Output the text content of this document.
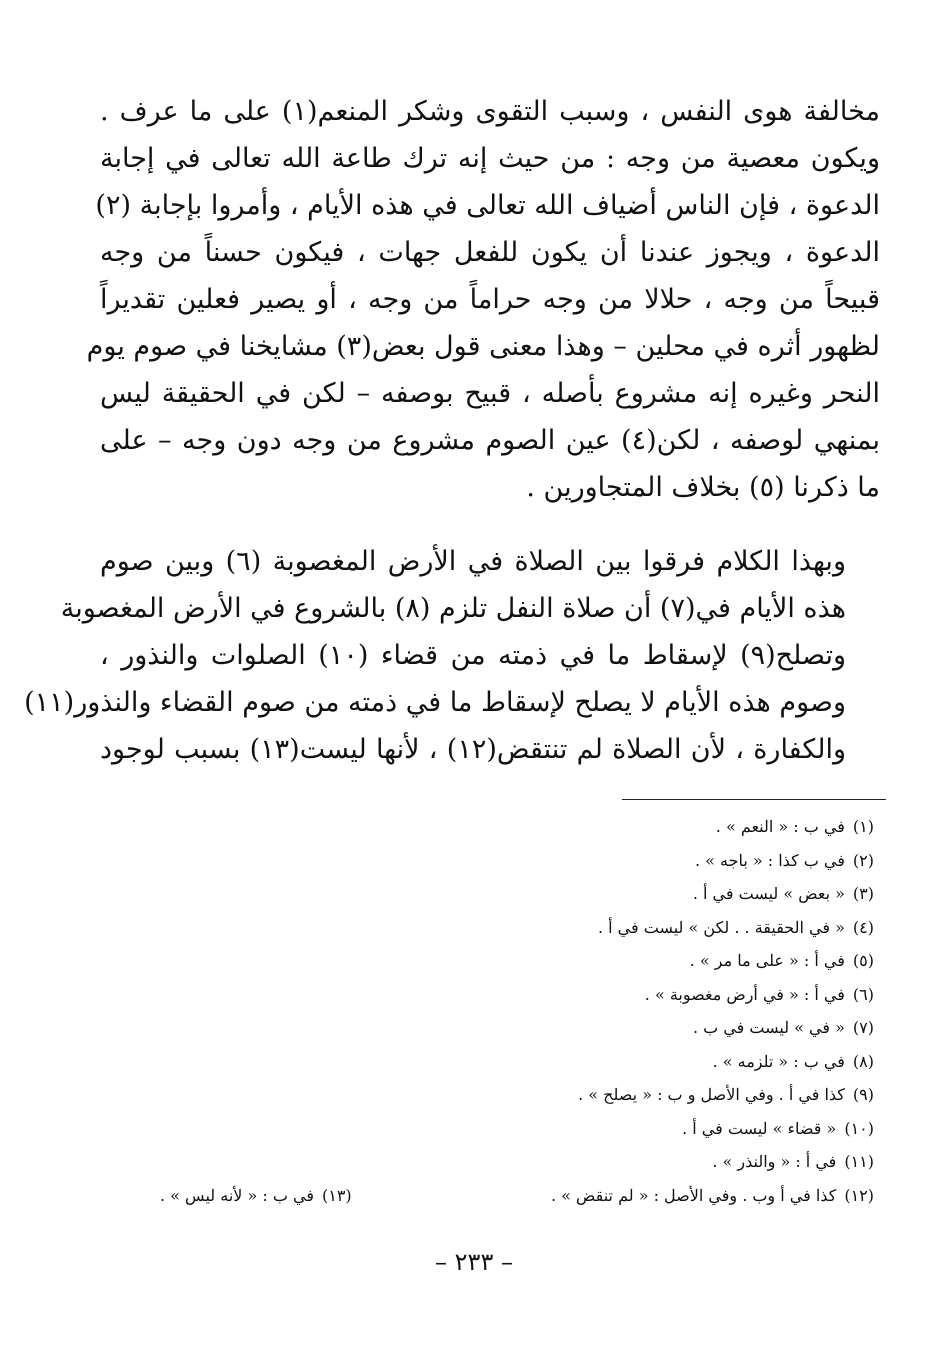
مخالفة هوى النفس ، وسبب التقوى وشكر المنعم(١) على ما عرف .
ويكون معصية من وجه : من حيث إنه ترك طاعة الله تعالى في إجابة
الدعوة ، فإن الناس أضياف الله تعالى في هذه الأيام ، وأمروا بإجابة (٢)
الدعوة ، ويجوز عندنا أن يكون للفعل جهات ، فيكون حسناً من وجه
قبيحاً من وجه ، حلالا من وجه حراماً من وجه ، أو يصير فعلين تقديراً
لظهور أثره في محلين – وهذا معنى قول بعض(٣) مشايخنا في صوم يوم
النحر وغيره إنه مشروع بأصله ، قبيح بوصفه – لكن في الحقيقة ليس
بمنهي لوصفه ، لكن(٤) عين الصوم مشروع من وجه دون وجه – على
ما ذكرنا (٥) بخلاف المتجاورين .
وبهذا الكلام فرقوا بين الصلاة في الأرض المغصوبة (٦) وبين صوم
هذه الأيام في(٧) أن صلاة النفل تلزم (٨) بالشروع في الأرض المغصوبة
وتصلح(٩) لإسقاط ما في ذمته من قضاء (١٠) الصلوات والنذور ،
وصوم هذه الأيام لا يصلح لإسقاط ما في ذمته من صوم القضاء والنذور(١١)
والكفارة ، لأن الصلاة لم تنتقض(١٢) ، لأنها ليست(١٣) بسبب لوجود
(١)في ب : « النعم » .
(٢)في ب كذا : « باجه » .
(٣)« بعض » ليست في أ .
(٤)« في الحقيقة . . لكن » ليست في أ .
(٥)في أ : « على ما مر » .
(٦)في أ : « في أرض مغصوبة » .
(٧)« في » ليست في ب .
(٨)في ب : « تلزمه » .
(٩)كذا في أ . وفي الأصل و ب : « يصلح » .
(١٠)« قضاء » ليست في أ .
(١١)في أ : « والنذر » .
(١٢)كذا في أ وب . وفي الأصل : « لم تنقض » .
(١٣)في ب : « لأنه ليس » .
– ٢٣٣ –
